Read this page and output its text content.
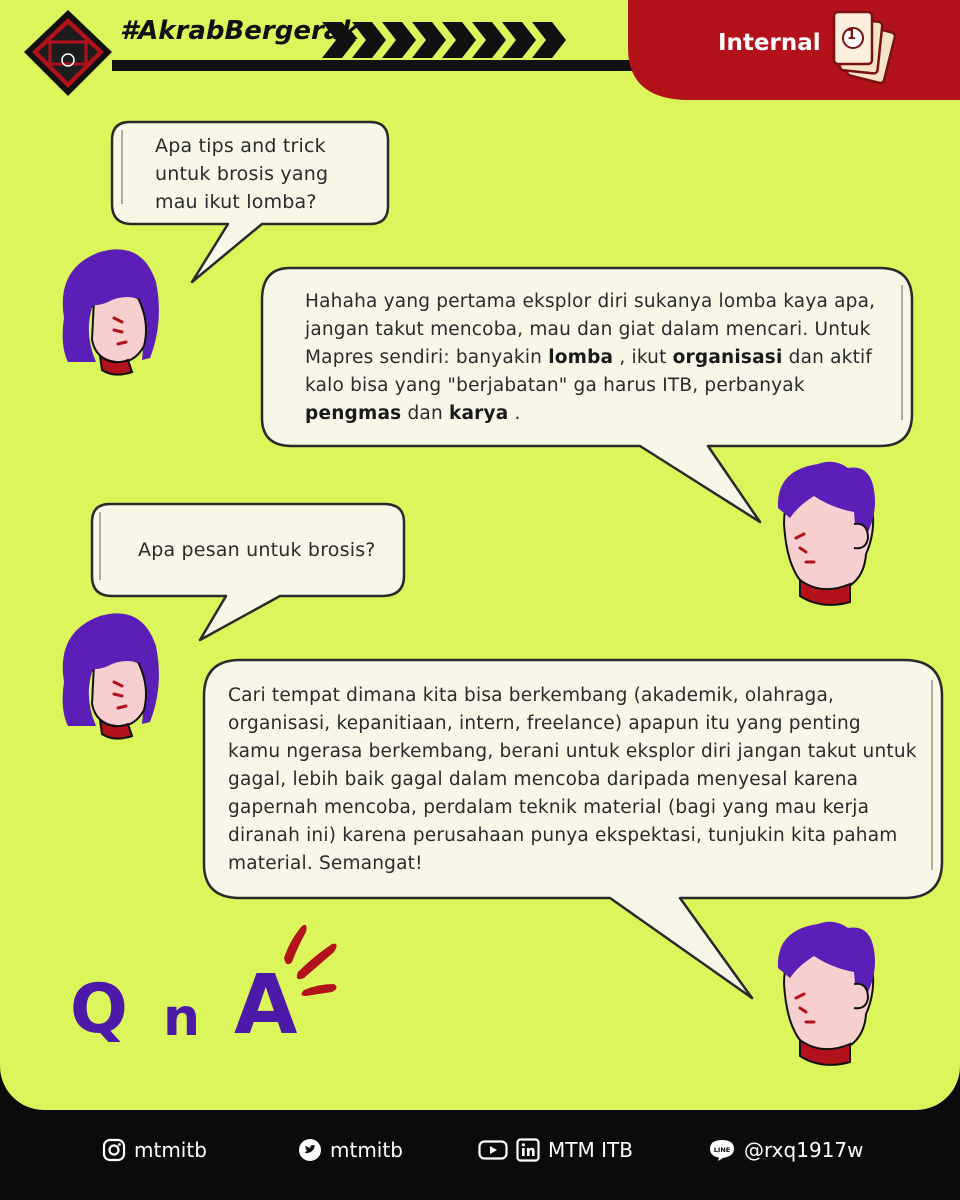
#AkrabBergerak	Internal 1
Apa tips and trick untuk brosis yang mau ikut lomba?
Hahaha yang pertama eksplor diri sukanya lomba kaya apa, jangan takut mencoba, mau dan giat dalam mencari. Untuk Mapres sendiri: banyakin lomba , ikut organisasi dan aktif kalo bisa yang "berjabatan" ga harus ITB, perbanyak pengmas dan karya .
Apa pesan untuk brosis?
Cari tempat dimana kita bisa berkembang (akademik, olahraga, organisasi, kepanitiaan, intern, freelance) apapun itu yang penting kamu ngerasa berkembang, berani untuk eksplor diri jangan takut untuk gagal, lebih baik gagal dalam mencoba daripada menyesal karena gapernah mencoba, perdalam teknik material (bagi yang mau kerja diranah ini) karena perusahaan punya ekspektasi, tunjukin kita paham material. Semangat!
Q n A
mtmitb	mtmitb	MTM ITB	LINE @rxq1917w
